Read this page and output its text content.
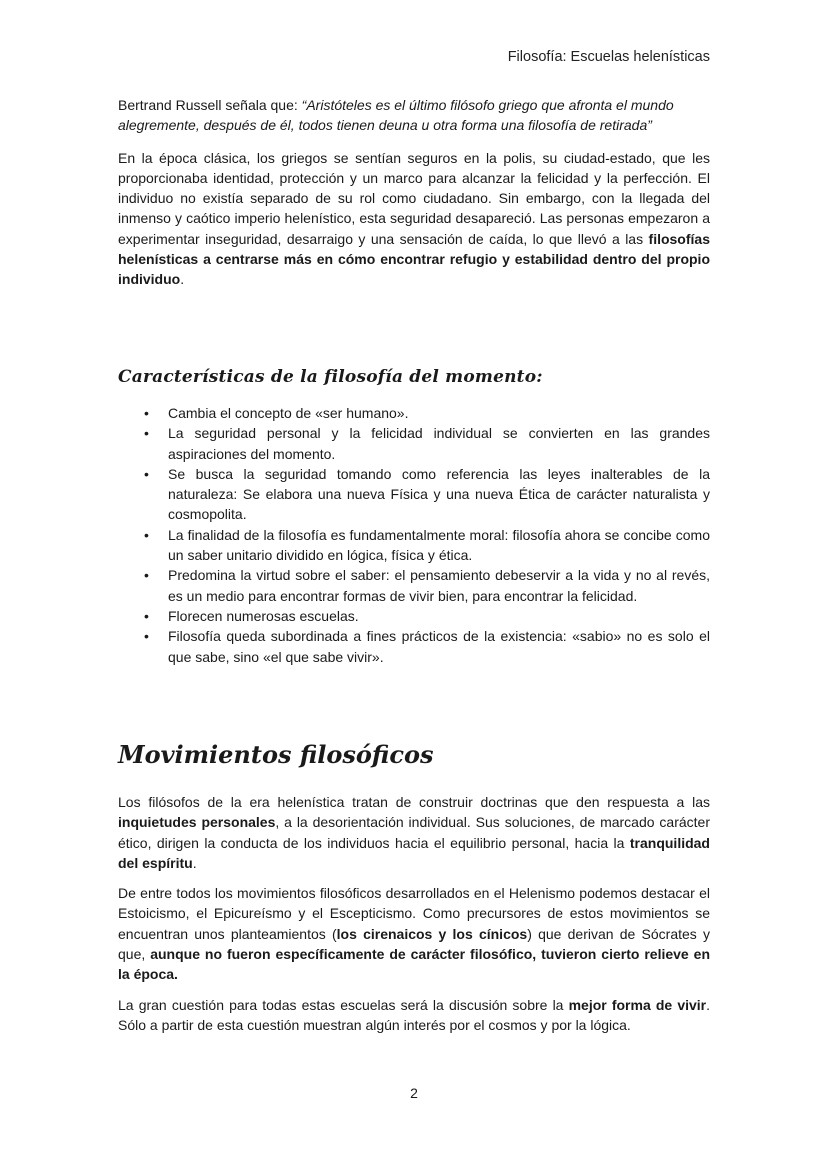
Filosofía: Escuelas helenísticas

Bertrand Russell señala que: “Aristóteles es el último filósofo griego que afronta el mundo alegremente, después de él, todos tienen deuna u otra forma una filosofía de retirada”

En la época clásica, los griegos se sentían seguros en la polis, su ciudad-estado, que les proporcionaba identidad, protección y un marco para alcanzar la felicidad y la perfección. El individuo no existía separado de su rol como ciudadano. Sin embargo, con la llegada del inmenso y caótico imperio helenístico, esta seguridad desapareció. Las personas empezaron a experimentar inseguridad, desarraigo y una sensación de caída, lo que llevó a las filosofías helenísticas a centrarse más en cómo encontrar refugio y estabilidad dentro del propio individuo.

Características de la filosofía del momento:
• Cambia el concepto de «ser humano».
• La seguridad personal y la felicidad individual se convierten en las grandes aspiraciones del momento.
• Se busca la seguridad tomando como referencia las leyes inalterables de la naturaleza: Se elabora una nueva Física y una nueva Ética de carácter naturalista y cosmopolita.
• La finalidad de la filosofía es fundamentalmente moral: filosofía ahora se concibe como un saber unitario dividido en lógica, física y ética.
• Predomina la virtud sobre el saber: el pensamiento debeservir a la vida y no al revés, es un medio para encontrar formas de vivir bien, para encontrar la felicidad.
• Florecen numerosas escuelas.
• Filosofía queda subordinada a fines prácticos de la existencia: «sabio» no es solo el que sabe, sino «el que sabe vivir».
Movimientos filosóficos

Los filósofos de la era helenística tratan de construir doctrinas que den respuesta a las inquietudes personales, a la desorientación individual. Sus soluciones, de marcado carácter ético, dirigen la conducta de los individuos hacia el equilibrio personal, hacia la tranquilidad del espíritu.

De entre todos los movimientos filosóficos desarrollados en el Helenismo podemos destacar el Estoicismo, el Epicureísmo y el Escepticismo. Como precursores de estos movimientos se encuentran unos planteamientos (los cirenaicos y los cínicos) que derivan de Sócrates y que, aunque no fueron específicamente de carácter filosófico, tuvieron cierto relieve en la época.

La gran cuestión para todas estas escuelas será la discusión sobre la mejor forma de vivir. Sólo a partir de esta cuestión muestran algún interés por el cosmos y por la lógica.

2
